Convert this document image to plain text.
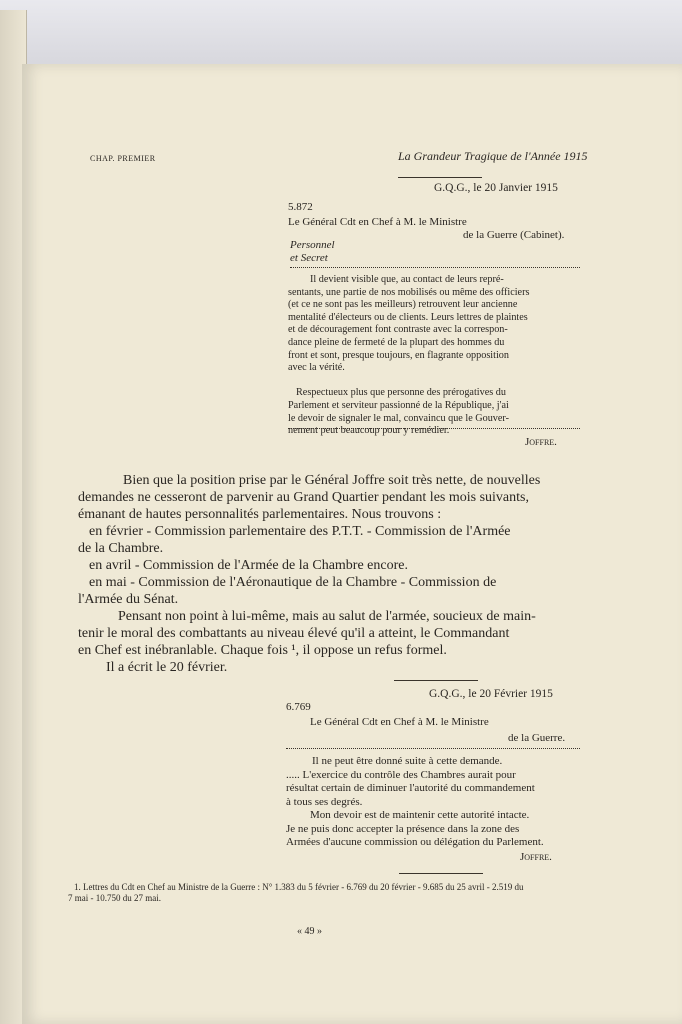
CHAP. PREMIER	La Grandeur Tragique de l'Année 1915
G.Q.G., le 20 Janvier 1915
5.872
Le Général Cdt en Chef à M. le Ministre
de la Guerre (Cabinet).
Personnel
et Secret
Il devient visible que, au contact de leurs repré-
sentants, une partie de nos mobilisés ou même des officiers
(et ce ne sont pas les meilleurs) retrouvent leur ancienne
mentalité d'électeurs ou de clients. Leurs lettres de plaintes
et de découragement font contraste avec la correspon-
dance pleine de fermeté de la plupart des hommes du
front et sont, presque toujours, en flagrante opposition
avec la vérité.
Respectueux plus que personne des prérogatives du
Parlement et serviteur passionné de la République, j'ai
le devoir de signaler le mal, convaincu que le Gouver-
nement peut beaucoup pour y remédier.
Joffre.
Bien que la position prise par le Général Joffre soit très nette, de nouvelles
demandes ne cesseront de parvenir au Grand Quartier pendant les mois suivants,
émanant de hautes personnalités parlementaires. Nous trouvons :
en février - Commission parlementaire des P.T.T. - Commission de l'Armée
de la Chambre.
en avril - Commission de l'Armée de la Chambre encore.
en mai - Commission de l'Aéronautique de la Chambre - Commission de
l'Armée du Sénat.
Pensant non point à lui-même, mais au salut de l'armée, soucieux de main-
tenir le moral des combattants au niveau élevé qu'il a atteint, le Commandant
en Chef est inébranlable. Chaque fois ¹, il oppose un refus formel.
Il a écrit le 20 février.
G.Q.G., le 20 Février 1915
6.769
Le Général Cdt en Chef à M. le Ministre
de la Guerre.
Il ne peut être donné suite à cette demande.
..... L'exercice du contrôle des Chambres aurait pour
résultat certain de diminuer l'autorité du commandement
à tous ses degrés.
Mon devoir est de maintenir cette autorité intacte.
Je ne puis donc accepter la présence dans la zone des
Armées d'aucune commission ou délégation du Parlement.
Joffre.
1. Lettres du Cdt en Chef au Ministre de la Guerre : N° 1.383 du 5 février - 6.769 du 20 février - 9.685 du 25 avril - 2.519 du
7 mai - 10.750 du 27 mai.
« 49 »
